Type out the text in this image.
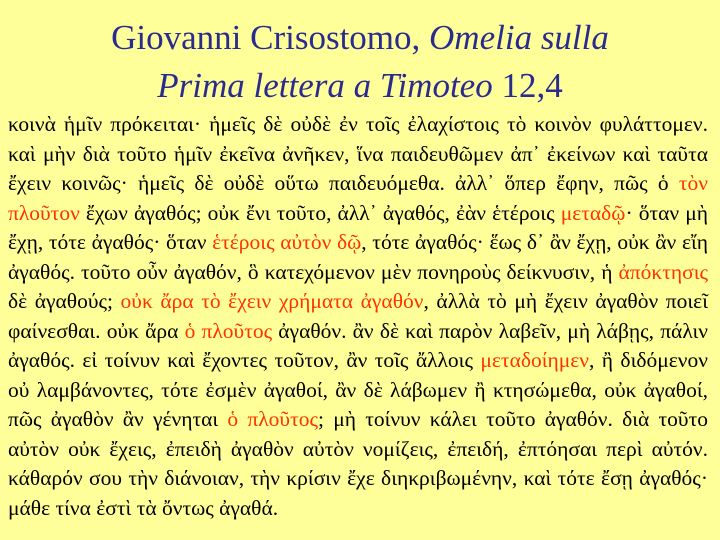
Giovanni Crisostomo, Omelia sulla
Prima lettera a Timoteo 12,4
κοινὰ ἡμῖν πρόκειται· ἡμεῖς δὲ οὐδὲ ἐν τοῖς ἐλαχίστοις τὸ κοινὸν φυλάττομεν. καὶ μὴν διὰ τοῦτο ἡμῖν ἐκεῖνα ἀνῆκεν, ἵνα παιδευθῶμεν ἀπ᾽ ἐκείνων καὶ ταῦτα ἔχειν κοινῶς· ἡμεῖς δὲ οὐδὲ οὕτω παιδευόμεθα. ἀλλ᾽ ὅπερ ἔφην, πῶς ὁ τὸν πλοῦτον ἔχων ἀγαθός; οὐκ ἔνι τοῦτο, ἀλλ᾽ ἀγαθός, ἐὰν ἑτέροις μεταδῷ· ὅταν μὴ ἔχῃ, τότε ἀγαθός· ὅταν ἑτέροις αὐτὸν δῷ, τότε ἀγαθός· ἕως δ᾽ ἂν ἔχῃ, οὐκ ἂν εἴη ἀγαθός. τοῦτο οὖν ἀγαθόν, ὃ κατεχόμενον μὲν πονηροὺς δείκνυσιν, ἡ ἀπόκτησις δὲ ἀγαθούς; οὐκ ἄρα τὸ ἔχειν χρήματα ἀγαθόν, ἀλλὰ τὸ μὴ ἔχειν ἀγαθὸν ποιεῖ φαίνεσθαι. οὐκ ἄρα ὁ πλοῦτος ἀγαθόν. ἂν δὲ καὶ παρὸν λαβεῖν, μὴ λάβῃς, πάλιν ἀγαθός. εἰ τοίνυν καὶ ἔχοντες τοῦτον, ἂν τοῖς ἄλλοις μεταδοίημεν, ἢ διδόμενον οὐ λαμβάνοντες, τότε ἐσμὲν ἀγαθοί, ἂν δὲ λάβωμεν ἢ κτησώμεθα, οὐκ ἀγαθοί, πῶς ἀγαθὸν ἂν γένηται ὁ πλοῦτος; μὴ τοίνυν κάλει τοῦτο ἀγαθόν. διὰ τοῦτο αὐτὸν οὐκ ἔχεις, ἐπειδὴ ἀγαθὸν αὐτὸν νομίζεις, ἐπειδή, ἐπτόησαι περὶ αὐτόν. κάθαρόν σου τὴν διάνοιαν, τὴν κρίσιν ἔχε διηκριβωμένην, καὶ τότε ἔσῃ ἀγαθός· μάθε τίνα ἐστὶ τὰ ὄντως ἀγαθά.
